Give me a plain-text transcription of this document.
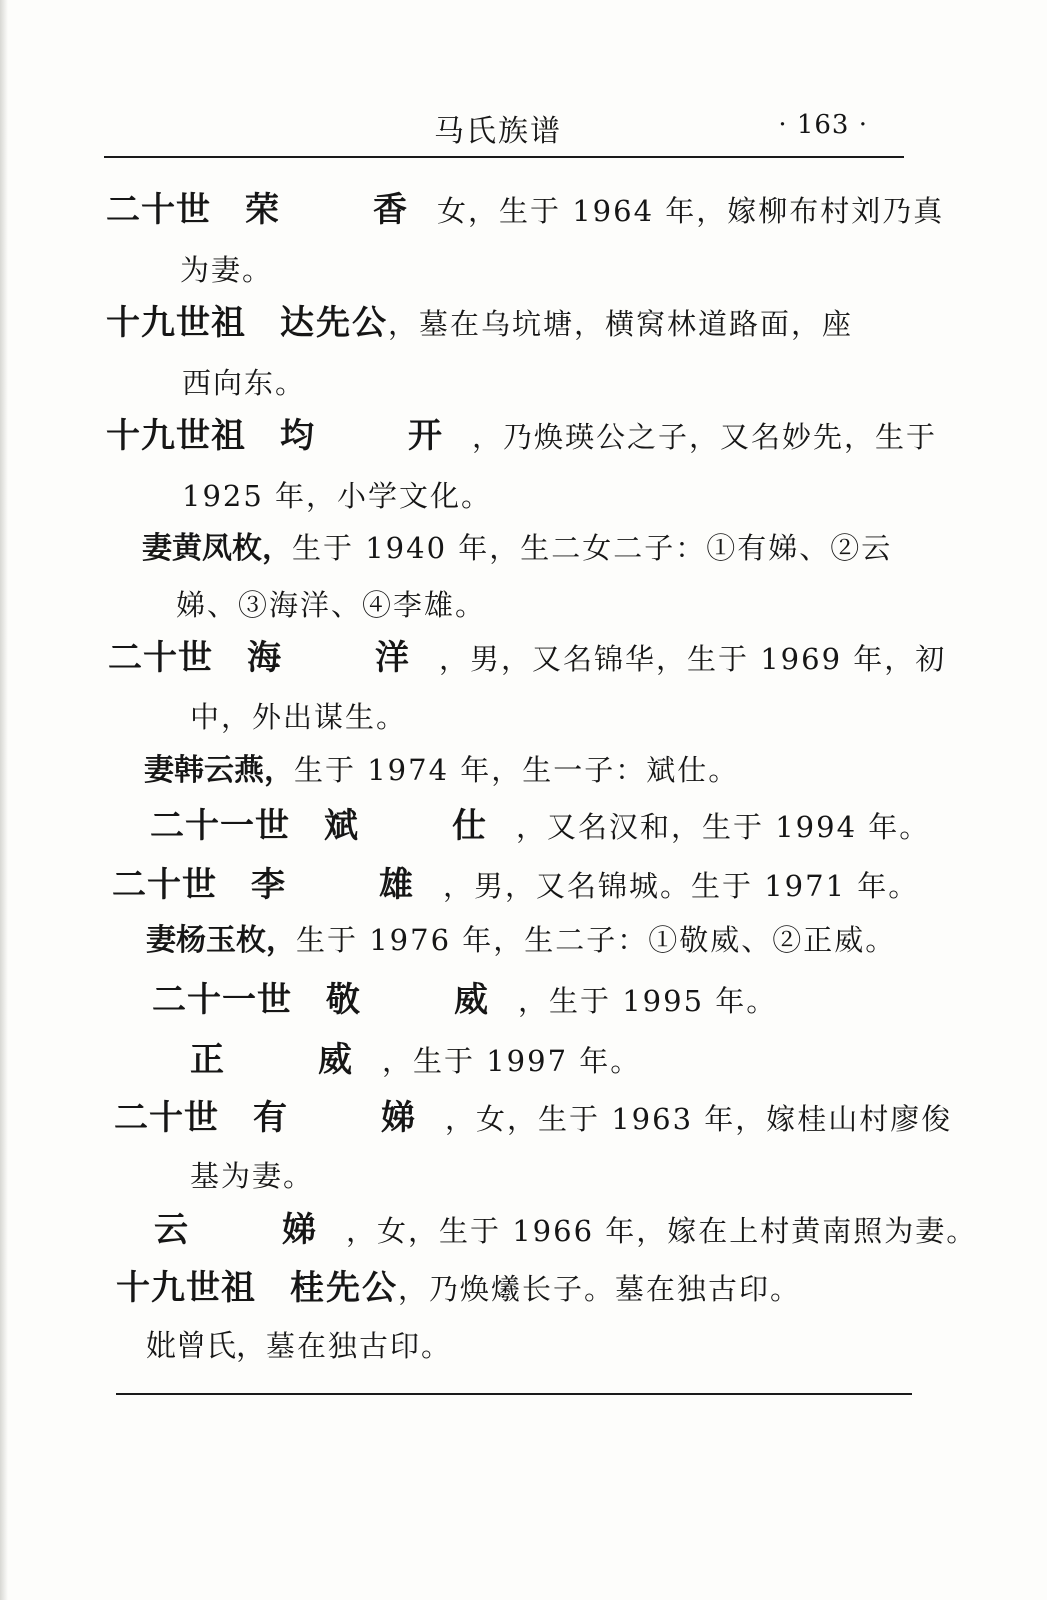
马氏族谱	· 163 ·
二十世 荣　香女，生于 1964 年，嫁柳布村刘乃真
为妻。
十九世祖 达先公，墓在乌坑塘，横窝林道路面，座
西向东。
十九世祖 均　开，乃焕瑛公之子，又名妙先，生于
1925 年，小学文化。
妻黄凤枚，生于 1940 年，生二女二子：①有娣、②云
娣、③海洋、④李雄。
二十世 海　洋，男，又名锦华，生于 1969 年，初
中，外出谋生。
妻韩云燕，生于 1974 年，生一子：斌仕。
二十一世 斌　仕，又名汉和，生于 1994 年。
二十世 李　雄，男，又名锦城。生于 1971 年。
妻杨玉枚，生于 1976 年，生二子：①敬威、②正威。
二十一世 敬　威，生于 1995 年。
正　威，生于 1997 年。
二十世 有　娣，女，生于 1963 年，嫁桂山村廖俊
基为妻。
云　娣，女，生于 1966 年，嫁在上村黄南照为妻。
十九世祖 桂先公，乃焕爔长子。墓在独古印。
妣曾氏，墓在独古印。
